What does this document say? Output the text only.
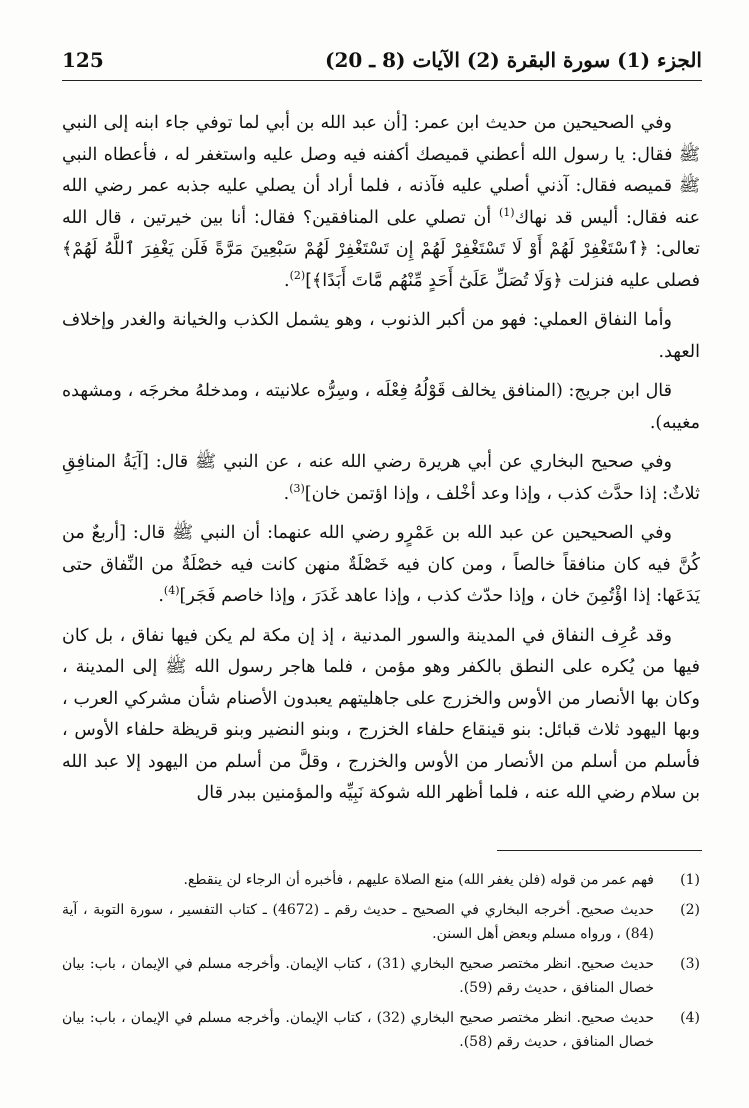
الجزء (1) سورة البقرة (2) الآيات (8 ـ 20)
125

وفي الصحيحين من حديث ابن عمر: [أن عبد الله بن أبي لما توفي جاء ابنه إلى النبي ﷺ فقال: يا رسول الله أعطني قميصك أكفنه فيه وصل عليه واستغفر له ، فأعطاه النبي ﷺ قميصه فقال: آذني أصلي عليه فآذنه ، فلما أراد أن يصلي عليه جذبه عمر رضي الله عنه فقال: أليس قد نهاك$^{(1)}$ أن تصلي على المنافقين؟ فقال: أنا بين خيرتين ، قال الله تعالى: ﴿ٱسْتَغْفِرْ لَهُمْ أَوْ لَا تَسْتَغْفِرْ لَهُمْ إِن تَسْتَغْفِرْ لَهُمْ سَبْعِينَ مَرَّةً فَلَن يَغْفِرَ ٱللَّهُ لَهُمْ﴾ فصلى عليه فنزلت ﴿وَلَا تُصَلِّ عَلَىٰٓ أَحَدٍ مِّنْهُم مَّاتَ أَبَدًا﴾]$^{(2)}$.

وأما النفاق العملي: فهو من أكبر الذنوب ، وهو يشمل الكذب والخيانة والغدر وإخلاف العهد.

قال ابن جريج: (المنافق يخالف قَوْلُهُ فِعْلَه ، وسِرُّه علانيته ، ومدخلهُ مخرجَه ، ومشهده مغيبه).

وفي صحيح البخاري عن أبي هريرة رضي الله عنه ، عن النبي ﷺ قال: [آيَةُ المنافِقِ ثلاثٌ: إذا حدَّث كذب ، وإذا وعد أخْلف ، وإذا اؤتمن خان]$^{(3)}$.

وفي الصحيحين عن عبد الله بن عَمْرٍو رضي الله عنهما: أن النبي ﷺ قال: [أربعٌ من كُنَّ فيه كان منافقاً خالصاً ، ومن كان فيه خَصْلَةٌ منهن كانت فيه خصْلَةٌ من النِّفاق حتى يَدَعَها: إذا اؤْتُمِنَ خان ، وإذا حدّث كذب ، وإذا عاهد غَدَرَ ، وإذا خاصم فَجَر]$^{(4)}$.

وقد عُرِف النفاق في المدينة والسور المدنية ، إذ إن مكة لم يكن فيها نفاق ، بل كان فيها من يُكره على النطق بالكفر وهو مؤمن ، فلما هاجر رسول الله ﷺ إلى المدينة ، وكان بها الأنصار من الأوس والخزرج على جاهليتهم يعبدون الأصنام شأن مشركي العرب ، وبها اليهود ثلاث قبائل: بنو قينقاع حلفاء الخزرج ، وبنو النضير وبنو قريظة حلفاء الأوس ، فأسلم من أسلم من الأنصار من الأوس والخزرج ، وقلَّ من أسلم من اليهود إلا عبد الله بن سلام رضي الله عنه ، فلما أظهر الله شوكة نَبِيِّه والمؤمنين ببدر قال

(1)
فهم عمر من قوله (فلن يغفر الله) منع الصلاة عليهم ، فأخبره أن الرجاء لن ينقطع.
(2)
حديث صحيح. أخرجه البخاري في الصحيح ـ حديث رقم ـ (4672) ـ كتاب التفسير ، سورة التوبة ، آية (84) ، ورواه مسلم وبعض أهل السنن.
(3)
حديث صحيح. انظر مختصر صحيح البخاري (31) ، كتاب الإيمان. وأخرجه مسلم في الإيمان ، باب: بيان خصال المنافق ، حديث رقم (59).
(4)
حديث صحيح. انظر مختصر صحيح البخاري (32) ، كتاب الإيمان. وأخرجه مسلم في الإيمان ، باب: بيان خصال المنافق ، حديث رقم (58).
